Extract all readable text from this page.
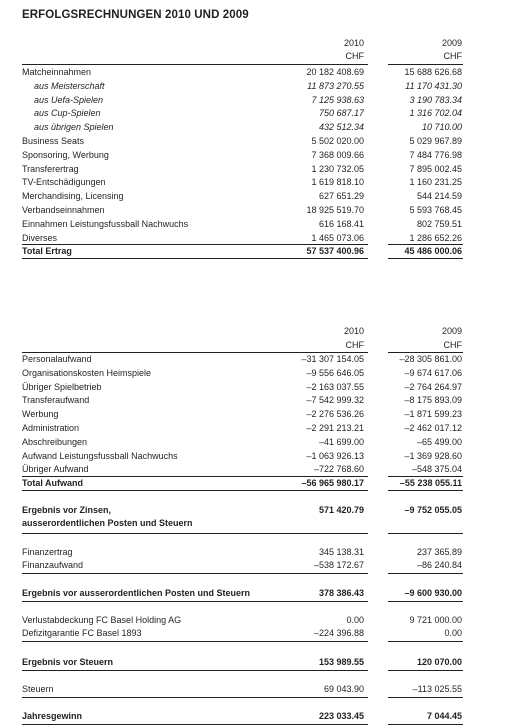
ERFOLGSRECHNUNGEN 2010 UND 2009
2010	2009
CHF	CHF
Matcheinnahmen	20 182 408.69	15 688 626.68
aus Meisterschaft	11 873 270.55	11 170 431.30
aus Uefa-Spielen	7 125 938.63	3 190 783.34
aus Cup-Spielen	750 687.17	1 316 702.04
aus übrigen Spielen	432 512.34	10 710.00
Business Seats	5 502 020.00	5 029 967.89
Sponsoring, Werbung	7 368 009.66	7 484 776.98
Transferertrag	1 230 732.05	7 895 002.45
TV-Entschädigungen	1 619 818.10	1 160 231.25
Merchandising, Licensing	627 651.29	544 214.59
Verbandseinnahmen	18 925 519.70	5 593 768.45
Einnahmen Leistungsfussball Nachwuchs	616 168.41	802 759.51
Diverses	1 465 073.06	1 286 652.26
Total Ertrag	57 537 400.96	45 486 000.06
2010	2009
CHF	CHF
Personalaufwand	–31 307 154.05	–28 305 861.00
Organisationskosten Heimspiele	–9 556 646.05	–9 674 617.06
Übriger Spielbetrieb	–2 163 037.55	–2 764 264.97
Transferaufwand	–7 542 999.32	–8 175 893.09
Werbung	–2 276 536.26	–1 871 599.23
Administration	–2 291 213.21	–2 462 017.12
Abschreibungen	–41 699.00	–65 499.00
Aufwand Leistungsfussball Nachwuchs	–1 063 926.13	–1 369 928.60
Übriger Aufwand	–722 768.60	–548 375.04
Total Aufwand	–56 965 980.17	–55 238 055.11
Ergebnis vor Zinsen,
ausserordentlichen Posten und Steuern
571 420.79	–9 752 055.05
Finanzertrag	345 138.31	237 365.89
Finanzaufwand	–538 172.67	–86 240.84
Ergebnis vor ausserordentlichen Posten und Steuern	378 386.43	–9 600 930.00
Verlustabdeckung FC Basel Holding AG	0.00	9 721 000.00
Defizitgarantie FC Basel 1893	–224 396.88	0.00
Ergebnis vor Steuern	153 989.55	120 070.00
Steuern	69 043.90	–113 025.55
Jahresgewinn	223 033.45	7 044.45
